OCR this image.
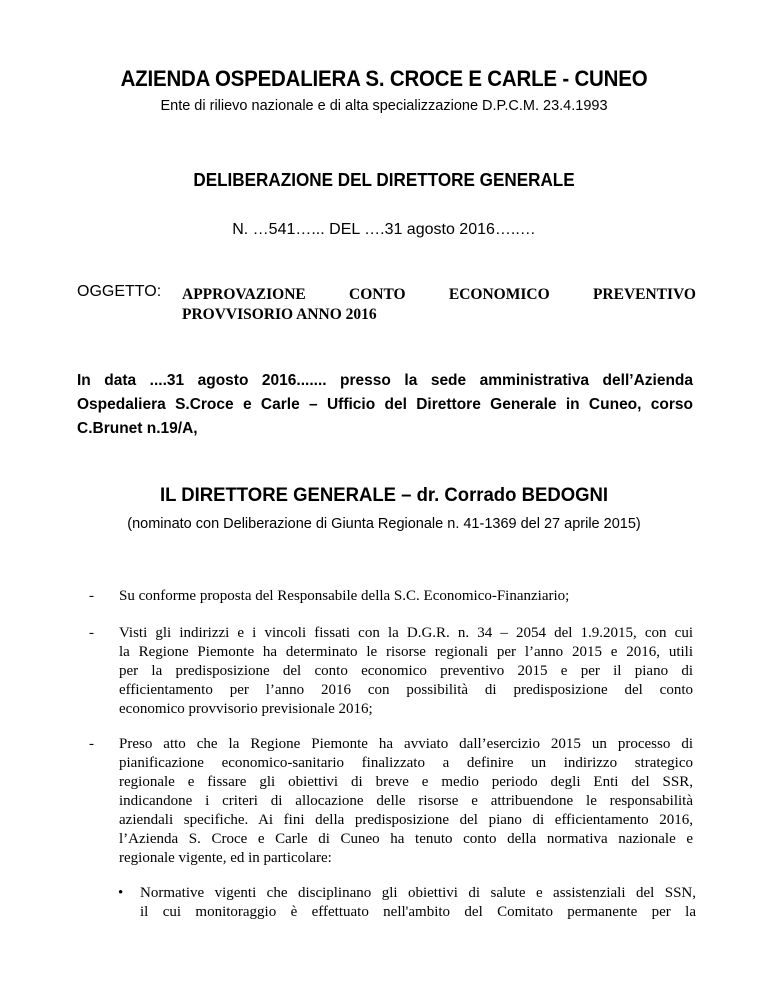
AZIENDA OSPEDALIERA S. CROCE E CARLE - CUNEO
Ente di rilievo nazionale e di alta specializzazione D.P.C.M. 23.4.1993
DELIBERAZIONE DEL DIRETTORE GENERALE
N. …541…... DEL ….31 agosto 2016…..…
OGGETTO: APPROVAZIONE CONTO ECONOMICO PREVENTIVO
PROVVISORIO ANNO 2016
In data ....31 agosto 2016....... presso la sede amministrativa dell’Azienda
Ospedaliera S.Croce e Carle – Ufficio del Direttore Generale in Cuneo, corso
C.Brunet n.19/A,
IL DIRETTORE GENERALE – dr. Corrado BEDOGNI
(nominato con Deliberazione di Giunta Regionale n. 41-1369 del 27 aprile 2015)
- Su conforme proposta del Responsabile della S.C. Economico-Finanziario;
- Visti gli indirizzi e i vincoli fissati con la D.G.R. n. 34 – 2054 del 1.9.2015, con cui
la Regione Piemonte ha determinato le risorse regionali per l’anno 2015 e 2016, utili
per la predisposizione del conto economico preventivo 2015 e per il piano di
efficientamento per l’anno 2016 con possibilità di predisposizione del conto
economico provvisorio previsionale 2016;
- Preso atto che la Regione Piemonte ha avviato dall’esercizio 2015 un processo di
pianificazione economico-sanitario finalizzato a definire un indirizzo strategico
regionale e fissare gli obiettivi di breve e medio periodo degli Enti del SSR,
indicandone i criteri di allocazione delle risorse e attribuendone le responsabilità
aziendali specifiche. Ai fini della predisposizione del piano di efficientamento 2016,
l’Azienda S. Croce e Carle di Cuneo ha tenuto conto della normativa nazionale e
regionale vigente, ed in particolare:
• Normative vigenti che disciplinano gli obiettivi di salute e assistenziali del SSN,
il cui monitoraggio è effettuato nell'ambito del Comitato permanente per la
